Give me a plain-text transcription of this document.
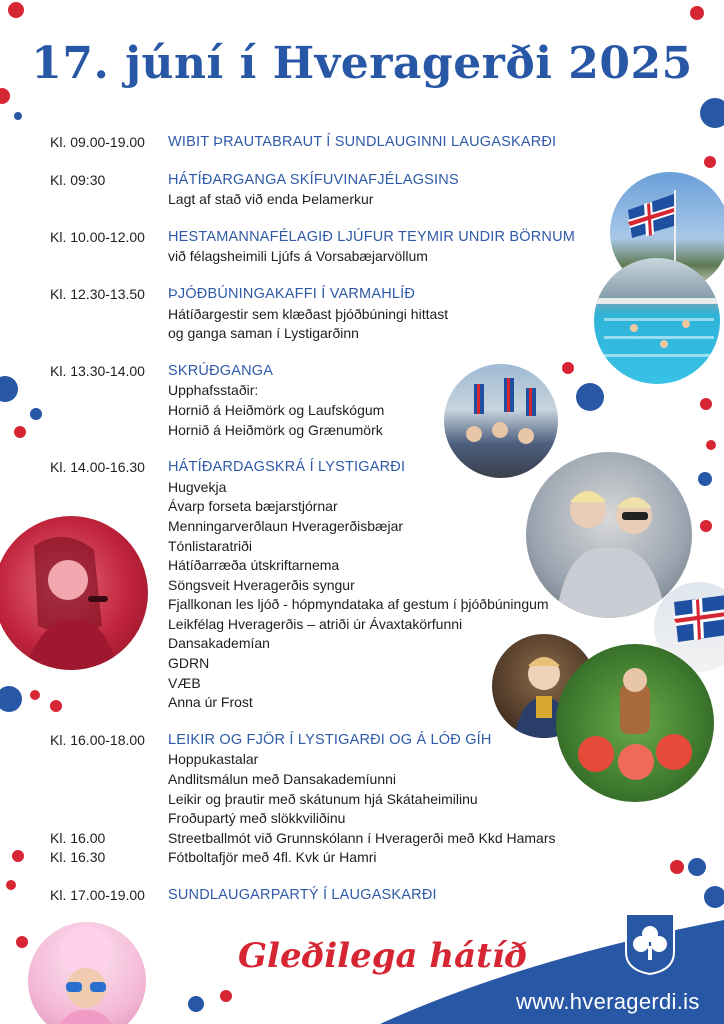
17. júní í Hveragerði 2025
Kl. 09.00-19.00	WIBIT ÞRAUTABRAUT Í SUNDLAUGINNI LAUGASKARÐI
Kl. 09:30	HÁTÍÐARGANGA SKÍFUVINAFJÉLAGSINS
Lagt af stað við enda Þelamerkur
Kl. 10.00-12.00	HESTAMANNAFÉLAGIÐ LJÚFUR TEYMIR UNDIR BÖRNUM
við félagsheimili Ljúfs á Vorsabæjarvöllum
Kl. 12.30-13.50	ÞJÓÐBÚNINGAKAFFI Í VARMAHLÍÐ
Hátíðargestir sem klæðast þjóðbúningi hittast
og ganga saman í Lystigarðinn
Kl. 13.30-14.00	SKRÚÐGANGA
Upphafsstaðir:
Hornið á Heiðmörk og Laufskógum
Hornið á Heiðmörk og Grænumörk
Kl. 14.00-16.30	HÁTÍÐARDAGSKRÁ Í LYSTIGARÐI
Hugvekja
Ávarp forseta bæjarstjórnar
Menningarverðlaun Hveragerðisbæjar
Tónlistaratriði
Hátíðarræða útskriftarnema
Söngsveit Hveragerðis syngur
Fjallkonan les ljóð - hópmyndataka af gestum í þjóðbúningum
Leikfélag Hveragerðis – atriði úr Ávaxtakörfunni
Dansakademían
GDRN
VÆB
Anna úr Frost
Kl. 16.00-18.00	LEIKIR OG FJÖR Í LYSTIGARÐI OG Á LÓÐ GÍH
Hoppukastalar
Andlitsmálun með Dansakademíunni
Leikir og þrautir með skátunum hjá Skátaheimilinu
Froðupartý með slökkviliðinu
Kl. 16.00	Streetballmót við Grunnskólann í Hveragerði með Kkd Hamars
Kl. 16.30	Fótboltafjör með 4fl. Kvk úr Hamri
Kl. 17.00-19.00	SUNDLAUGARPARTÝ Í LAUGASKARÐI
Gleðilega hátíð
www.hveragerdi.is
